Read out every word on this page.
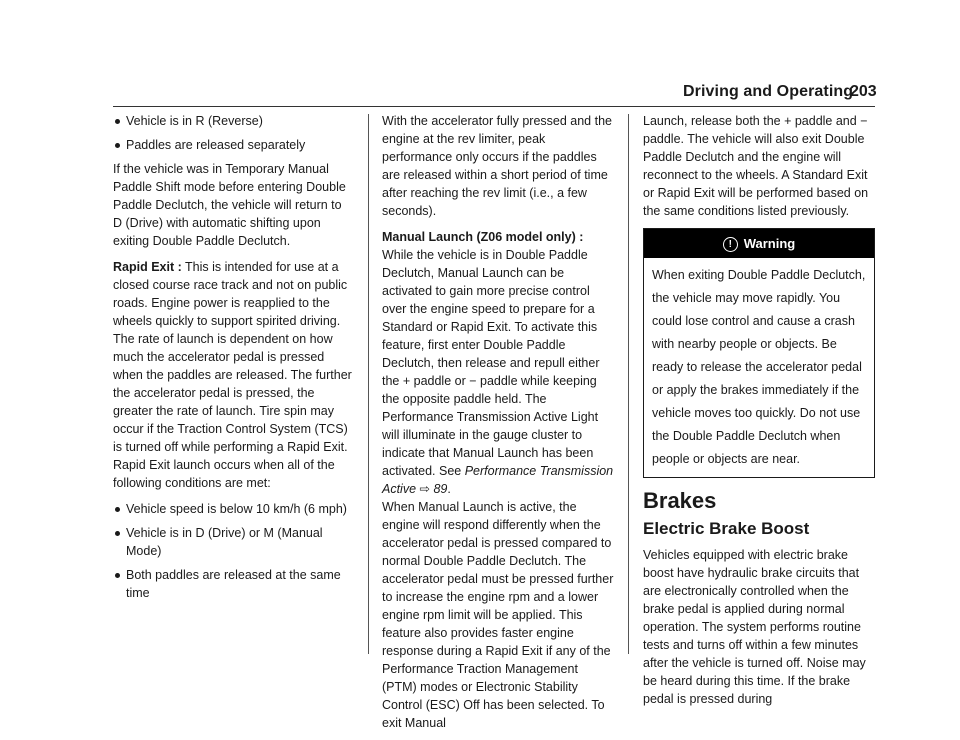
Driving and Operating
203
Vehicle is in R (Reverse)
Paddles are released separately

If the vehicle was in Temporary Manual Paddle Shift mode before entering Double Paddle Declutch, the vehicle will return to D (Drive) with automatic shifting upon exiting Double Paddle Declutch.

Rapid Exit : This is intended for use at a closed course race track and not on public roads. Engine power is reapplied to the wheels quickly to support spirited driving. The rate of launch is dependent on how much the accelerator pedal is pressed when the paddles are released. The further the accelerator pedal is pressed, the greater the rate of launch. Tire spin may occur if the Traction Control System (TCS) is turned off while performing a Rapid Exit. Rapid Exit launch occurs when all of the following conditions are met:

Vehicle speed is below 10 km/h (6 mph)
Vehicle is in D (Drive) or M (Manual Mode)
Both paddles are released at the same time

With the accelerator fully pressed and the engine at the rev limiter, peak performance only occurs if the paddles are released within a short period of time after reaching the rev limit (i.e., a few seconds).

Manual Launch (Z06 model only) : While the vehicle is in Double Paddle Declutch, Manual Launch can be activated to gain more precise control over the engine speed to prepare for a Standard or Rapid Exit. To activate this feature, first enter Double Paddle Declutch, then release and repull either the + paddle or − paddle while keeping the opposite paddle held. The Performance Transmission Active Light will illuminate in the gauge cluster to indicate that Manual Launch has been activated. See Performance Transmission Active ⇨ 89.
When Manual Launch is active, the engine will respond differently when the accelerator pedal is pressed compared to normal Double Paddle Declutch. The accelerator pedal must be pressed further to increase the engine rpm and a lower engine rpm limit will be applied. This feature also provides faster engine response during a Rapid Exit if any of the Performance Traction Management (PTM) modes or Electronic Stability Control (ESC) Off has been selected. To exit Manual

Launch, release both the + paddle and − paddle. The vehicle will also exit Double Paddle Declutch and the engine will reconnect to the wheels. A Standard Exit or Rapid Exit will be performed based on the same conditions listed previously.

! Warning
When exiting Double Paddle Declutch, the vehicle may move rapidly. You could lose control and cause a crash with nearby people or objects. Be ready to release the accelerator pedal or apply the brakes immediately if the vehicle moves too quickly. Do not use the Double Paddle Declutch when people or objects are near.
Brakes
Electric Brake Boost

Vehicles equipped with electric brake boost have hydraulic brake circuits that are electronically controlled when the brake pedal is applied during normal operation. The system performs routine tests and turns off within a few minutes after the vehicle is turned off. Noise may be heard during this time. If the brake pedal is pressed during
